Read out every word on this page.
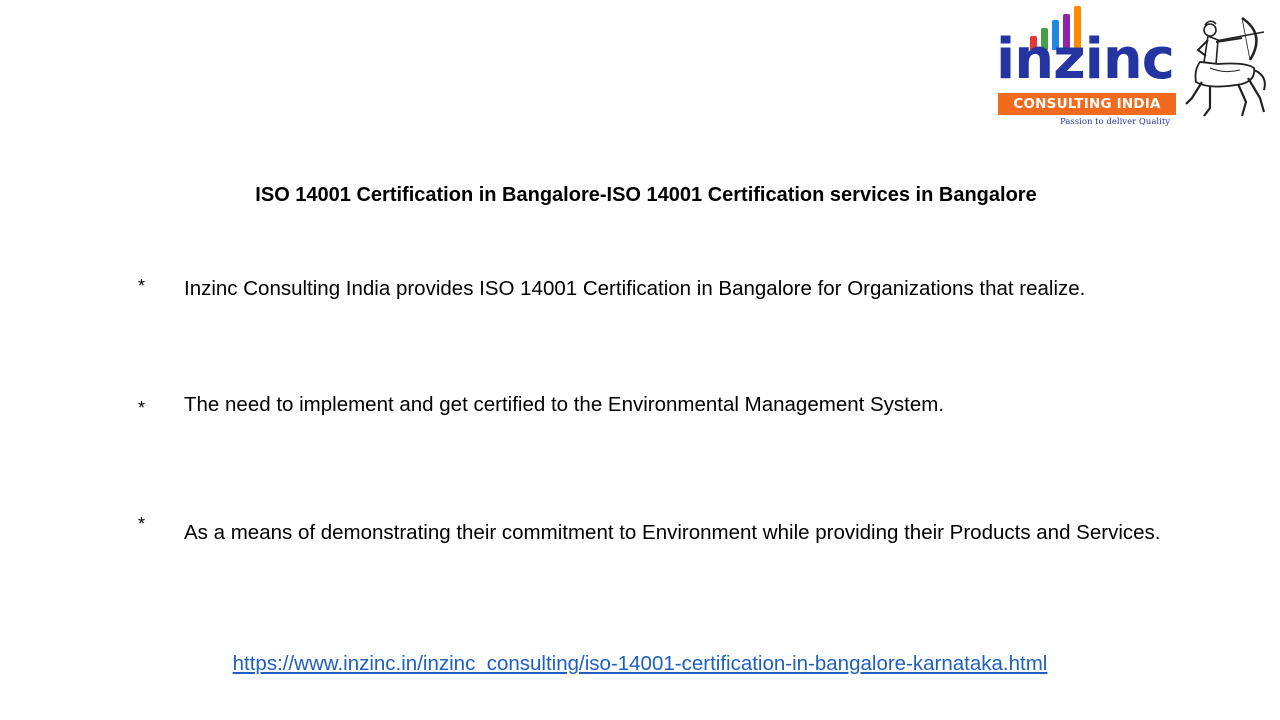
inzinc
CONSULTING INDIA
Passion to deliver Quality
ISO 14001 Certification in Bangalore-ISO 14001 Certification services in Bangalore
* Inzinc Consulting India provides ISO 14001 Certification in Bangalore for Organizations that realize.
* The need to implement and get certified to the Environmental Management System.
* As a means of demonstrating their commitment to Environment while providing their Products and Services.
https://www.inzinc.in/inzinc_consulting/iso-14001-certification-in-bangalore-karnataka.html
